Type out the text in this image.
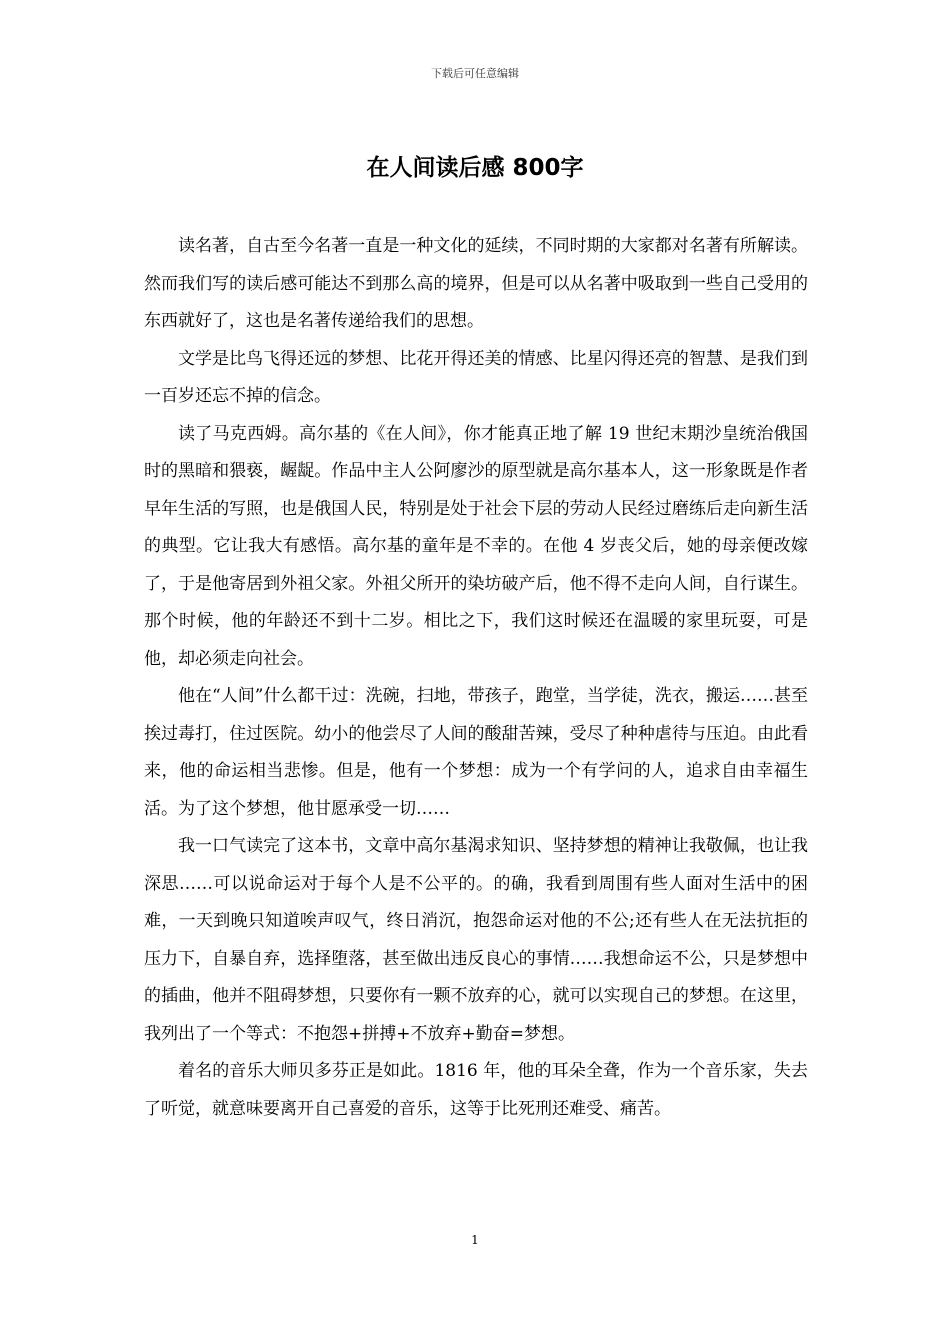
下载后可任意编辑
在人间读后感 800字

读名著，自古至今名著一直是一种文化的延续，不同时期的大家都对名著有所解读。然而我们写的读后感可能达不到那么高的境界，但是可以从名著中吸取到一些自己受用的东西就好了，这也是名著传递给我们的思想。

文学是比鸟飞得还远的梦想、比花开得还美的情感、比星闪得还亮的智慧、是我们到一百岁还忘不掉的信念。

读了马克西姆。高尔基的《在人间》，你才能真正地了解 19 世纪末期沙皇统治俄国时的黑暗和猥亵，龌龊。作品中主人公阿廖沙的原型就是高尔基本人，这一形象既是作者早年生活的写照，也是俄国人民，特别是处于社会下层的劳动人民经过磨练后走向新生活的典型。它让我大有感悟。高尔基的童年是不幸的。在他 4 岁丧父后，她的母亲便改嫁了，于是他寄居到外祖父家。外祖父所开的染坊破产后，他不得不走向人间，自行谋生。那个时候，他的年龄还不到十二岁。相比之下，我们这时候还在温暖的家里玩耍，可是他，却必须走向社会。

他在“人间”什么都干过：洗碗，扫地，带孩子，跑堂，当学徒，洗衣，搬运……甚至挨过毒打，住过医院。幼小的他尝尽了人间的酸甜苦辣，受尽了种种虐待与压迫。由此看来，他的命运相当悲惨。但是，他有一个梦想：成为一个有学问的人，追求自由幸福生活。为了这个梦想，他甘愿承受一切……

我一口气读完了这本书，文章中高尔基渴求知识、坚持梦想的精神让我敬佩，也让我深思……可以说命运对于每个人是不公平的。的确，我看到周围有些人面对生活中的困难，一天到晚只知道唉声叹气，终日消沉，抱怨命运对他的不公;还有些人在无法抗拒的压力下，自暴自弃，选择堕落，甚至做出违反良心的事情……我想命运不公，只是梦想中的插曲，他并不阻碍梦想，只要你有一颗不放弃的心，就可以实现自己的梦想。在这里，我列出了一个等式：不抱怨+拼搏+不放弃+勤奋=梦想。

着名的音乐大师贝多芬正是如此。1816 年，他的耳朵全聋，作为一个音乐家，失去了听觉，就意味要离开自己喜爱的音乐，这等于比死刑还难受、痛苦。

1
